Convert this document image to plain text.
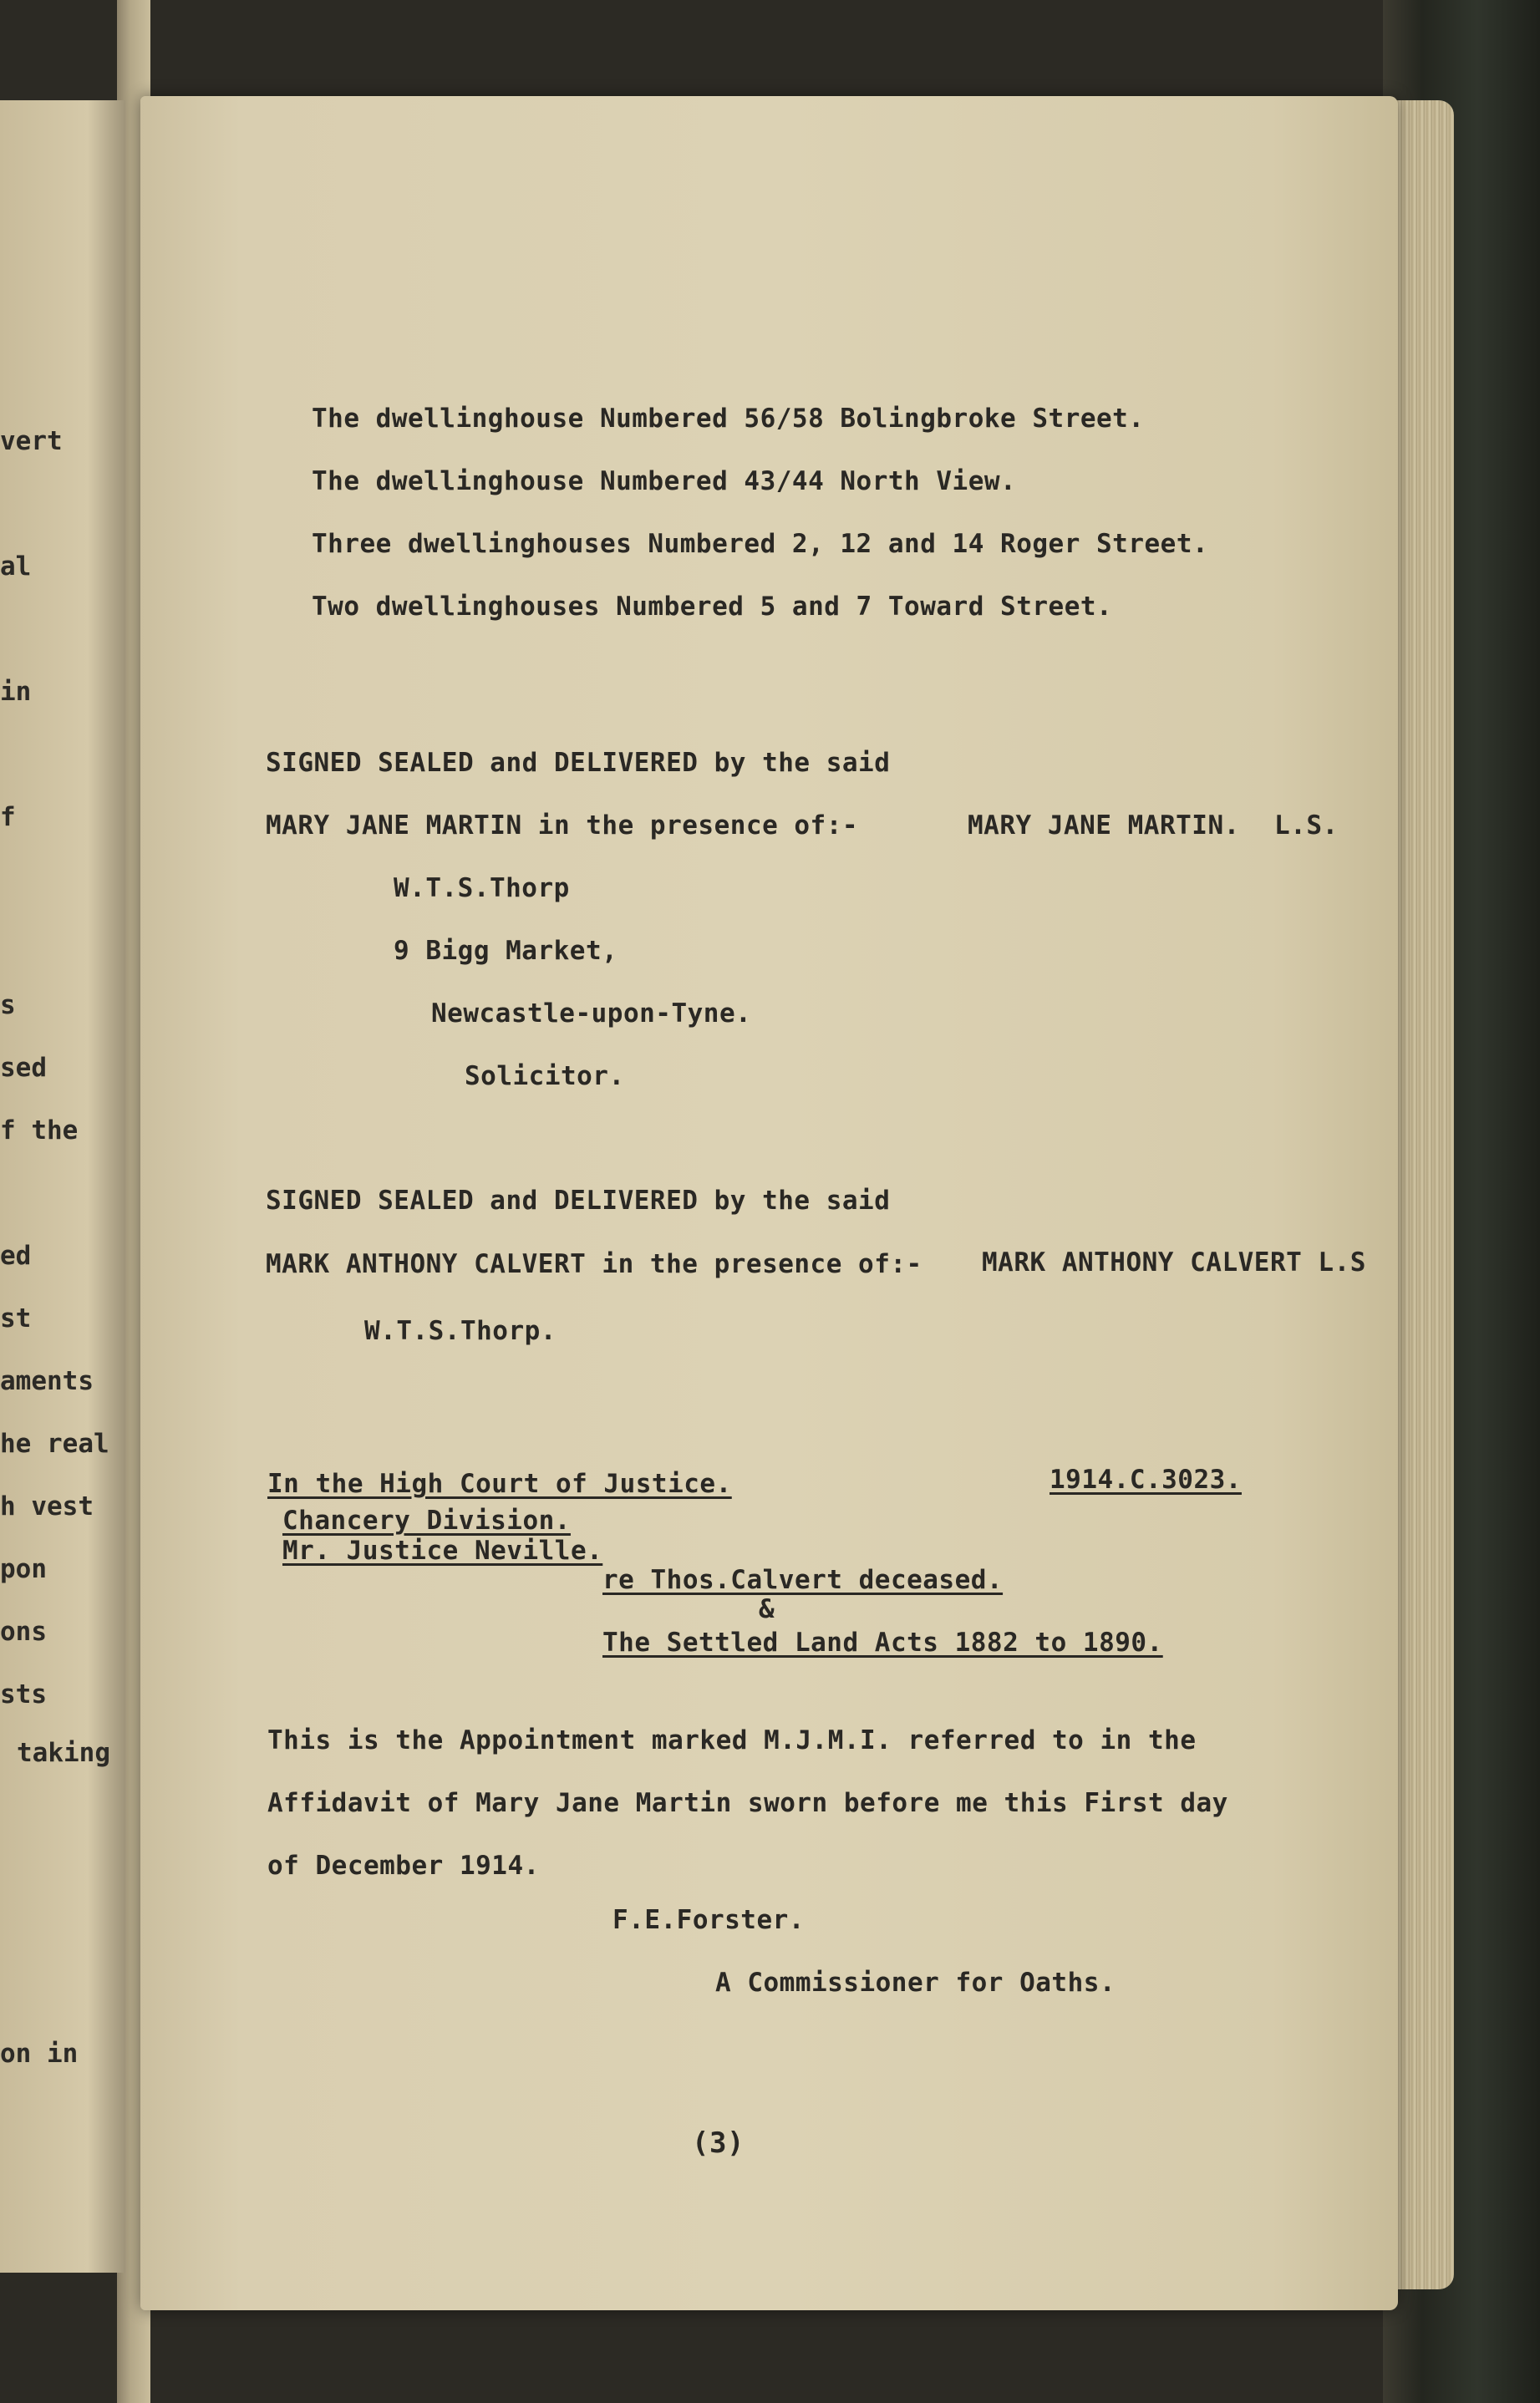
vert
al
in
f
s
sed
f the
ed
st
aments
he real
h vest
pon
ons
sts
taking
on in
The dwellinghouse Numbered 56/58 Bolingbroke Street.
The dwellinghouse Numbered 43/44 North View.
Three dwellinghouses Numbered 2, 12 and 14 Roger Street.
Two dwellinghouses Numbered 5 and 7 Toward Street.
SIGNED SEALED and DELIVERED by the said
MARY JANE MARTIN in the presence of:-	MARY JANE MARTIN. L.S.
W.T.S.Thorp
9 Bigg Market,
Newcastle-upon-Tyne.
Solicitor.
SIGNED SEALED and DELIVERED by the said
MARK ANTHONY CALVERT in the presence of:- MARK ANTHONY CALVERT L.S
W.T.S.Thorp.
In the High Court of Justice.	1914.C.3023.
Chancery Division.
Mr. Justice Neville.
re Thos.Calvert deceased.
&
The Settled Land Acts 1882 to 1890.
This is the Appointment marked M.J.M.I. referred to in the
Affidavit of Mary Jane Martin sworn before me this First day
of December 1914.
F.E.Forster.
A Commissioner for Oaths.
(3)
